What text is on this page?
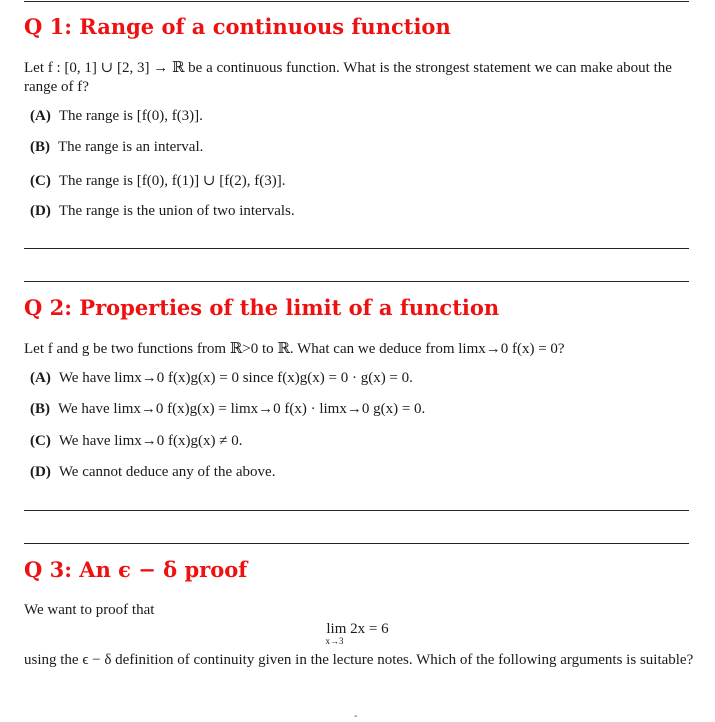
Q 1: Range of a continuous function

Let f : [0, 1] ∪ [2, 3] → ℝ be a continuous function. What is the strongest statement we can make about the range of f?

(A) The range is [f(0), f(3)].

(B) The range is an interval.

(C) The range is [f(0), f(1)] ∪ [f(2), f(3)].

(D) The range is the union of two intervals.

Q 2: Properties of the limit of a function

Let f and g be two functions from ℝ>0 to ℝ. What can we deduce from limx→0 f(x) = 0?

(A) We have limx→0 f(x)g(x) = 0 since f(x)g(x) = 0 · g(x) = 0.

(B) We have limx→0 f(x)g(x) = limx→0 f(x) · limx→0 g(x) = 0.

(C) We have limx→0 f(x)g(x) ≠ 0.

(D) We cannot deduce any of the above.

Q 3: An ϵ − δ proof

We want to proof that

lim 2x = 6
x→3

using the ϵ − δ definition of continuity given in the lecture notes. Which of the following arguments is suitable?

-
